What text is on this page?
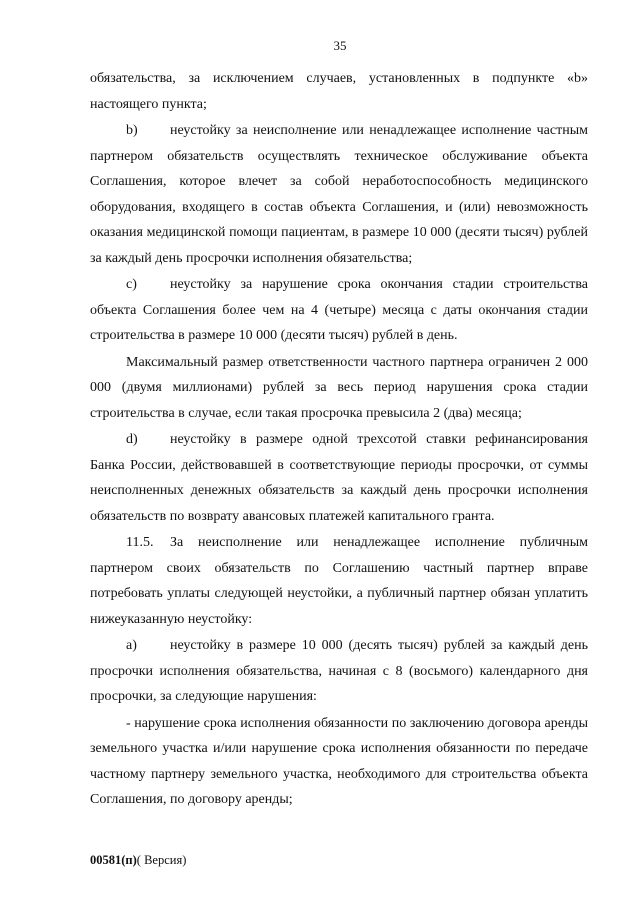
35

обязательства, за исключением случаев, установленных в подпункте «b» настоящего пункта;

b) неустойку за неисполнение или ненадлежащее исполнение частным партнером обязательств осуществлять техническое обслуживание объекта Соглашения, которое влечет за собой неработоспособность медицинского оборудования, входящего в состав объекта Соглашения, и (или) невозможность оказания медицинской помощи пациентам, в размере 10 000 (десяти тысяч) рублей за каждый день просрочки исполнения обязательства;

c) неустойку за нарушение срока окончания стадии строительства объекта Соглашения более чем на 4 (четыре) месяца с даты окончания стадии строительства в размере 10 000 (десяти тысяч) рублей в день.

Максимальный размер ответственности частного партнера ограничен 2 000 000 (двумя миллионами) рублей за весь период нарушения срока стадии строительства в случае, если такая просрочка превысила 2 (два) месяца;

d) неустойку в размере одной трехсотой ставки рефинансирования Банка России, действовавшей в соответствующие периоды просрочки, от суммы неисполненных денежных обязательств за каждый день просрочки исполнения обязательств по возврату авансовых платежей капитального гранта.

11.5. За неисполнение или ненадлежащее исполнение публичным партнером своих обязательств по Соглашению частный партнер вправе потребовать уплаты следующей неустойки, а публичный партнер обязан уплатить нижеуказанную неустойку:

a) неустойку в размере 10 000 (десять тысяч) рублей за каждый день просрочки исполнения обязательства, начиная с 8 (восьмого) календарного дня просрочки, за следующие нарушения:

- нарушение срока исполнения обязанности по заключению договора аренды земельного участка и/или нарушение срока исполнения обязанности по передаче частному партнеру земельного участка, необходимого для строительства объекта Соглашения, по договору аренды;

00581(п)( Версия)
